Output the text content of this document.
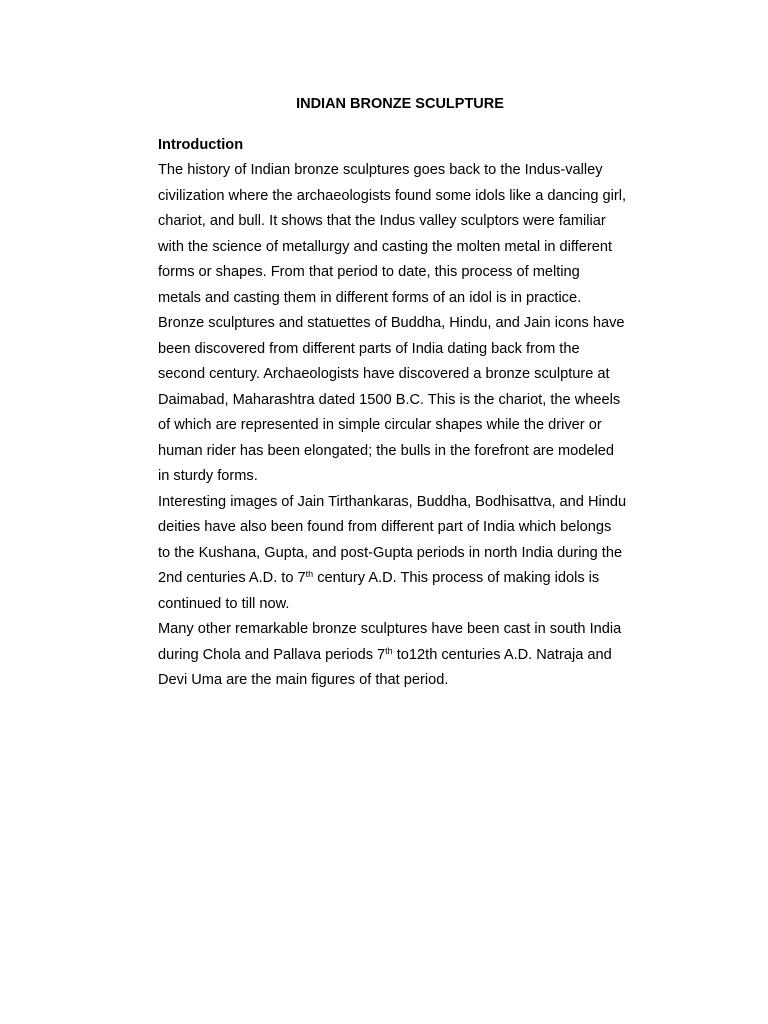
INDIAN BRONZE SCULPTURE
Introduction
The history of Indian bronze sculptures goes back to the Indus-valley
civilization where the archaeologists found some idols like a dancing girl,
chariot, and bull. It shows that the Indus valley sculptors were familiar
with the science of metallurgy and casting the molten metal in different
forms or shapes. From that period to date, this process of melting
metals and casting them in different forms of an idol is in practice.
Bronze sculptures and statuettes of Buddha, Hindu, and Jain icons have
been discovered from different parts of India dating back from the
second century. Archaeologists have discovered a bronze sculpture at
Daimabad, Maharashtra dated 1500 B.C. This is the chariot, the wheels
of which are represented in simple circular shapes while the driver or
human rider has been elongated; the bulls in the forefront are modeled
in sturdy forms.
Interesting images of Jain Tirthankaras, Buddha, Bodhisattva, and Hindu
deities have also been found from different part of India which belongs
to the Kushana, Gupta, and post-Gupta periods in north India during the
2nd centuries A.D. to 7th century A.D. This process of making idols is
continued to till now.
Many other remarkable bronze sculptures have been cast in south India
during Chola and Pallava periods 7th to12th centuries A.D. Natraja and
Devi Uma are the main figures of that period.
